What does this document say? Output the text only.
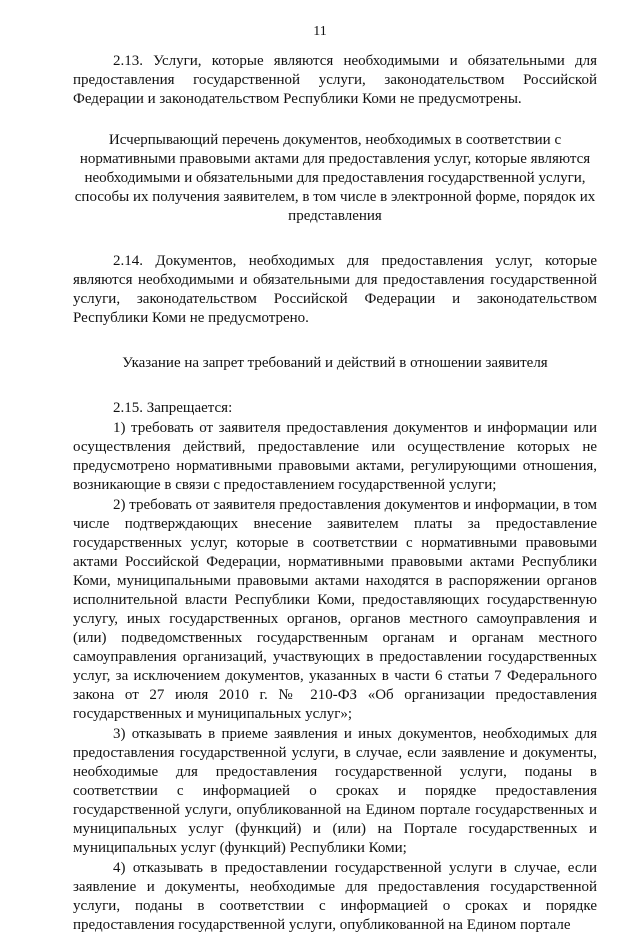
11

2.13. Услуги, которые являются необходимыми и обязательными для предоставления государственной услуги, законодательством Российской Федерации и законодательством Республики Коми не предусмотрены.

Исчерпывающий перечень документов, необходимых в соответствии с нормативными правовыми актами для предоставления услуг, которые являются необходимыми и обязательными для предоставления государственной услуги, способы их получения заявителем, в том числе в электронной форме, порядок их представления

2.14. Документов, необходимых для предоставления услуг, которые являются необходимыми и обязательными для предоставления государственной услуги, законодательством Российской Федерации и законодательством Республики Коми не предусмотрено.

Указание на запрет требований и действий в отношении заявителя

2.15. Запрещается:

1) требовать от заявителя предоставления документов и информации или осуществления действий, предоставление или осуществление которых не предусмотрено нормативными правовыми актами, регулирующими отношения, возникающие в связи с предоставлением государственной услуги;

2) требовать от заявителя предоставления документов и информации, в том числе подтверждающих внесение заявителем платы за предоставление государственных услуг, которые в соответствии с нормативными правовыми актами Российской Федерации, нормативными правовыми актами Республики Коми, муниципальными правовыми актами находятся в распоряжении органов исполнительной власти Республики Коми, предоставляющих государственную услугу, иных государственных органов, органов местного самоуправления и (или) подведомственных государственным органам и органам местного самоуправления организаций, участвующих в предоставлении государственных услуг, за исключением документов, указанных в части 6 статьи 7 Федерального закона от 27 июля 2010 г. № 210-ФЗ «Об организации предоставления государственных и муниципальных услуг»;

3) отказывать в приеме заявления и иных документов, необходимых для предоставления государственной услуги, в случае, если заявление и документы, необходимые для предоставления государственной услуги, поданы в соответствии с информацией о сроках и порядке предоставления государственной услуги, опубликованной на Едином портале государственных и муниципальных услуг (функций) и (или) на Портале государственных и муниципальных услуг (функций) Республики Коми;

4) отказывать в предоставлении государственной услуги в случае, если заявление и документы, необходимые для предоставления государственной услуги, поданы в соответствии с информацией о сроках и порядке предоставления государственной услуги, опубликованной на Едином портале
